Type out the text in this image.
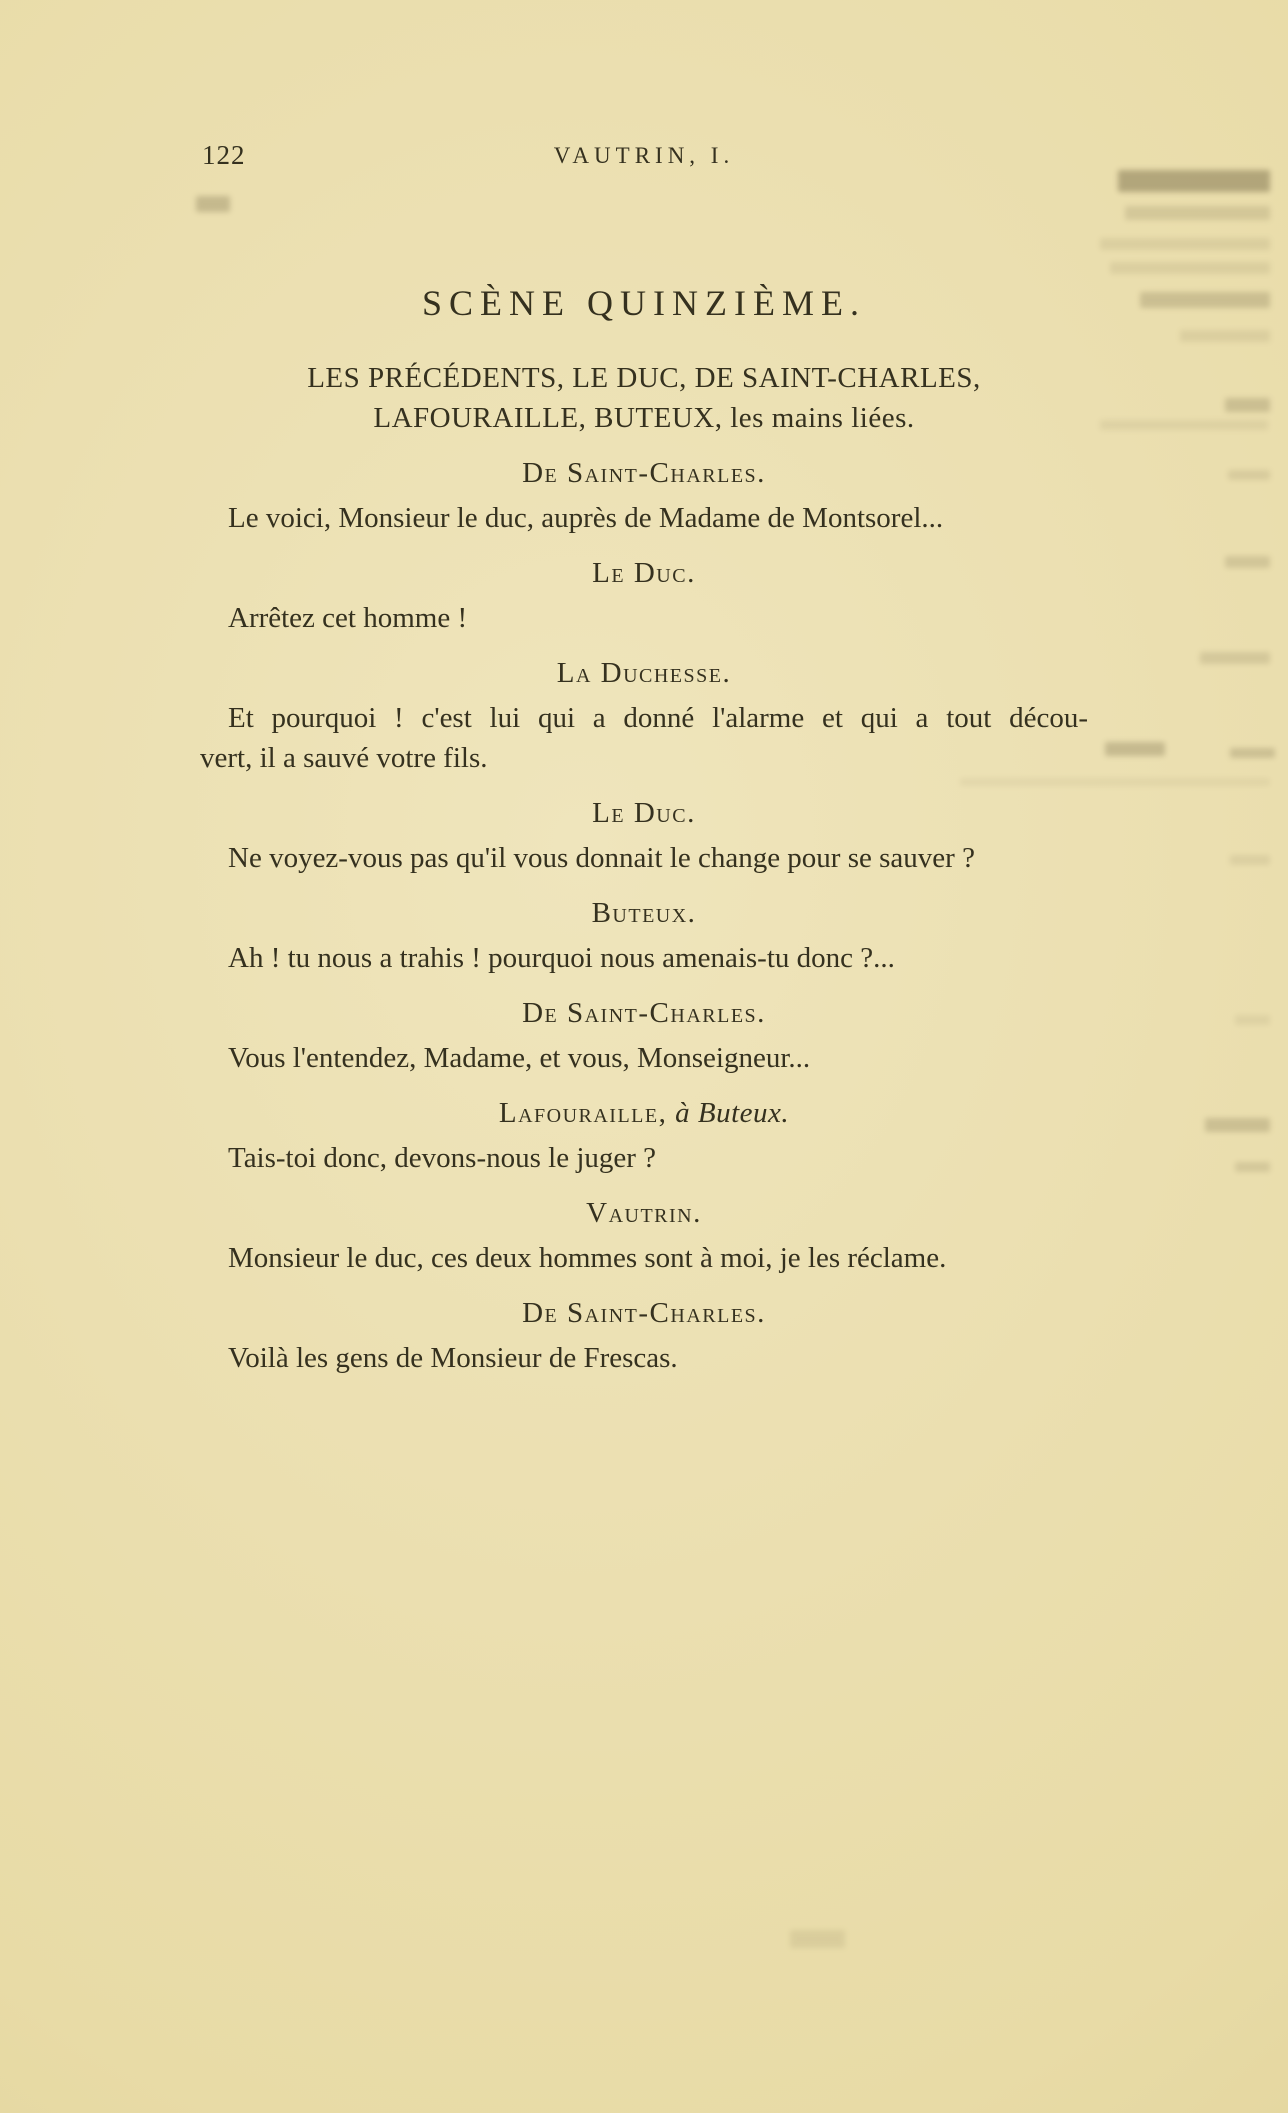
122	VAUTRIN, I.
SCÈNE QUINZIÈME.
LES PRÉCÉDENTS, LE DUC, DE SAINT-CHARLES,
LAFOURAILLE, BUTEUX, les mains liées.
De Saint-Charles.
Le voici, Monsieur le duc, auprès de Madame de Montsorel...
Le Duc.
Arrêtez cet homme !
La Duchesse.
Et pourquoi ! c'est lui qui a donné l'alarme et qui a tout décou-
vert, il a sauvé votre fils.
Le Duc.
Ne voyez-vous pas qu'il vous donnait le change pour se sauver ?
Buteux.
Ah ! tu nous a trahis ! pourquoi nous amenais-tu donc ?...
De Saint-Charles.
Vous l'entendez, Madame, et vous, Monseigneur...
Lafouraille, à Buteux.
Tais-toi donc, devons-nous le juger ?
Vautrin.
Monsieur le duc, ces deux hommes sont à moi, je les réclame.
De Saint-Charles.
Voilà les gens de Monsieur de Frescas.
